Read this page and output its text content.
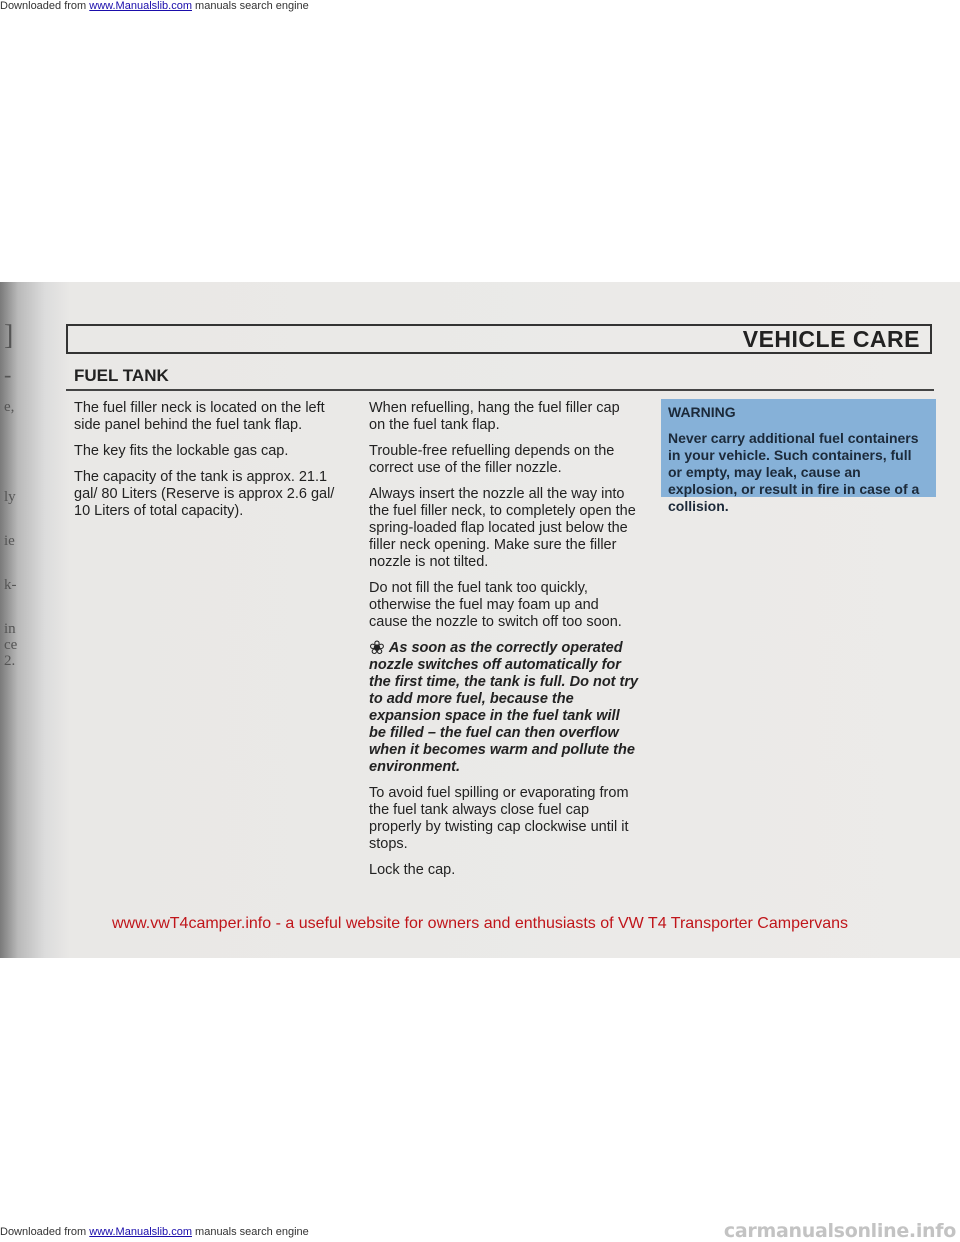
Downloaded from www.Manualslib.com manuals search engine
]
-
e,
ly
ie
k-
in
ce
2.
VEHICLE CARE
FUEL TANK

The fuel filler neck is located on the left side panel behind the fuel tank flap.

The key fits the lockable gas cap.

The capacity of the tank is approx. 21.1 gal/ 80 Liters (Reserve is approx 2.6 gal/ 10 Liters of total capacity).

When refuelling, hang the fuel filler cap on the fuel tank flap.

Trouble-free refuelling depends on the correct use of the filler nozzle.

Always insert the nozzle all the way into the fuel filler neck, to completely open the spring-loaded flap located just below the filler neck opening. Make sure the filler nozzle is not tilted.

Do not fill the fuel tank too quickly, otherwise the fuel may foam up and cause the nozzle to switch off too soon.

❀ As soon as the correctly operated nozzle switches off automatically for the first time, the tank is full. Do not try to add more fuel, because the expansion space in the fuel tank will be filled – the fuel can then overflow when it becomes warm and pollute the environment.

To avoid fuel spilling or evaporating from the fuel tank always close fuel cap properly by twisting cap clockwise until it stops.

Lock the cap.

WARNING
Never carry additional fuel containers in your vehicle. Such containers, full or empty, may leak, cause an explosion, or result in fire in case of a collision.
www.vwT4camper.info - a useful website for owners and enthusiasts of VW T4 Transporter Campervans
Downloaded from www.Manualslib.com manuals search engine	carmanualsonline.info
